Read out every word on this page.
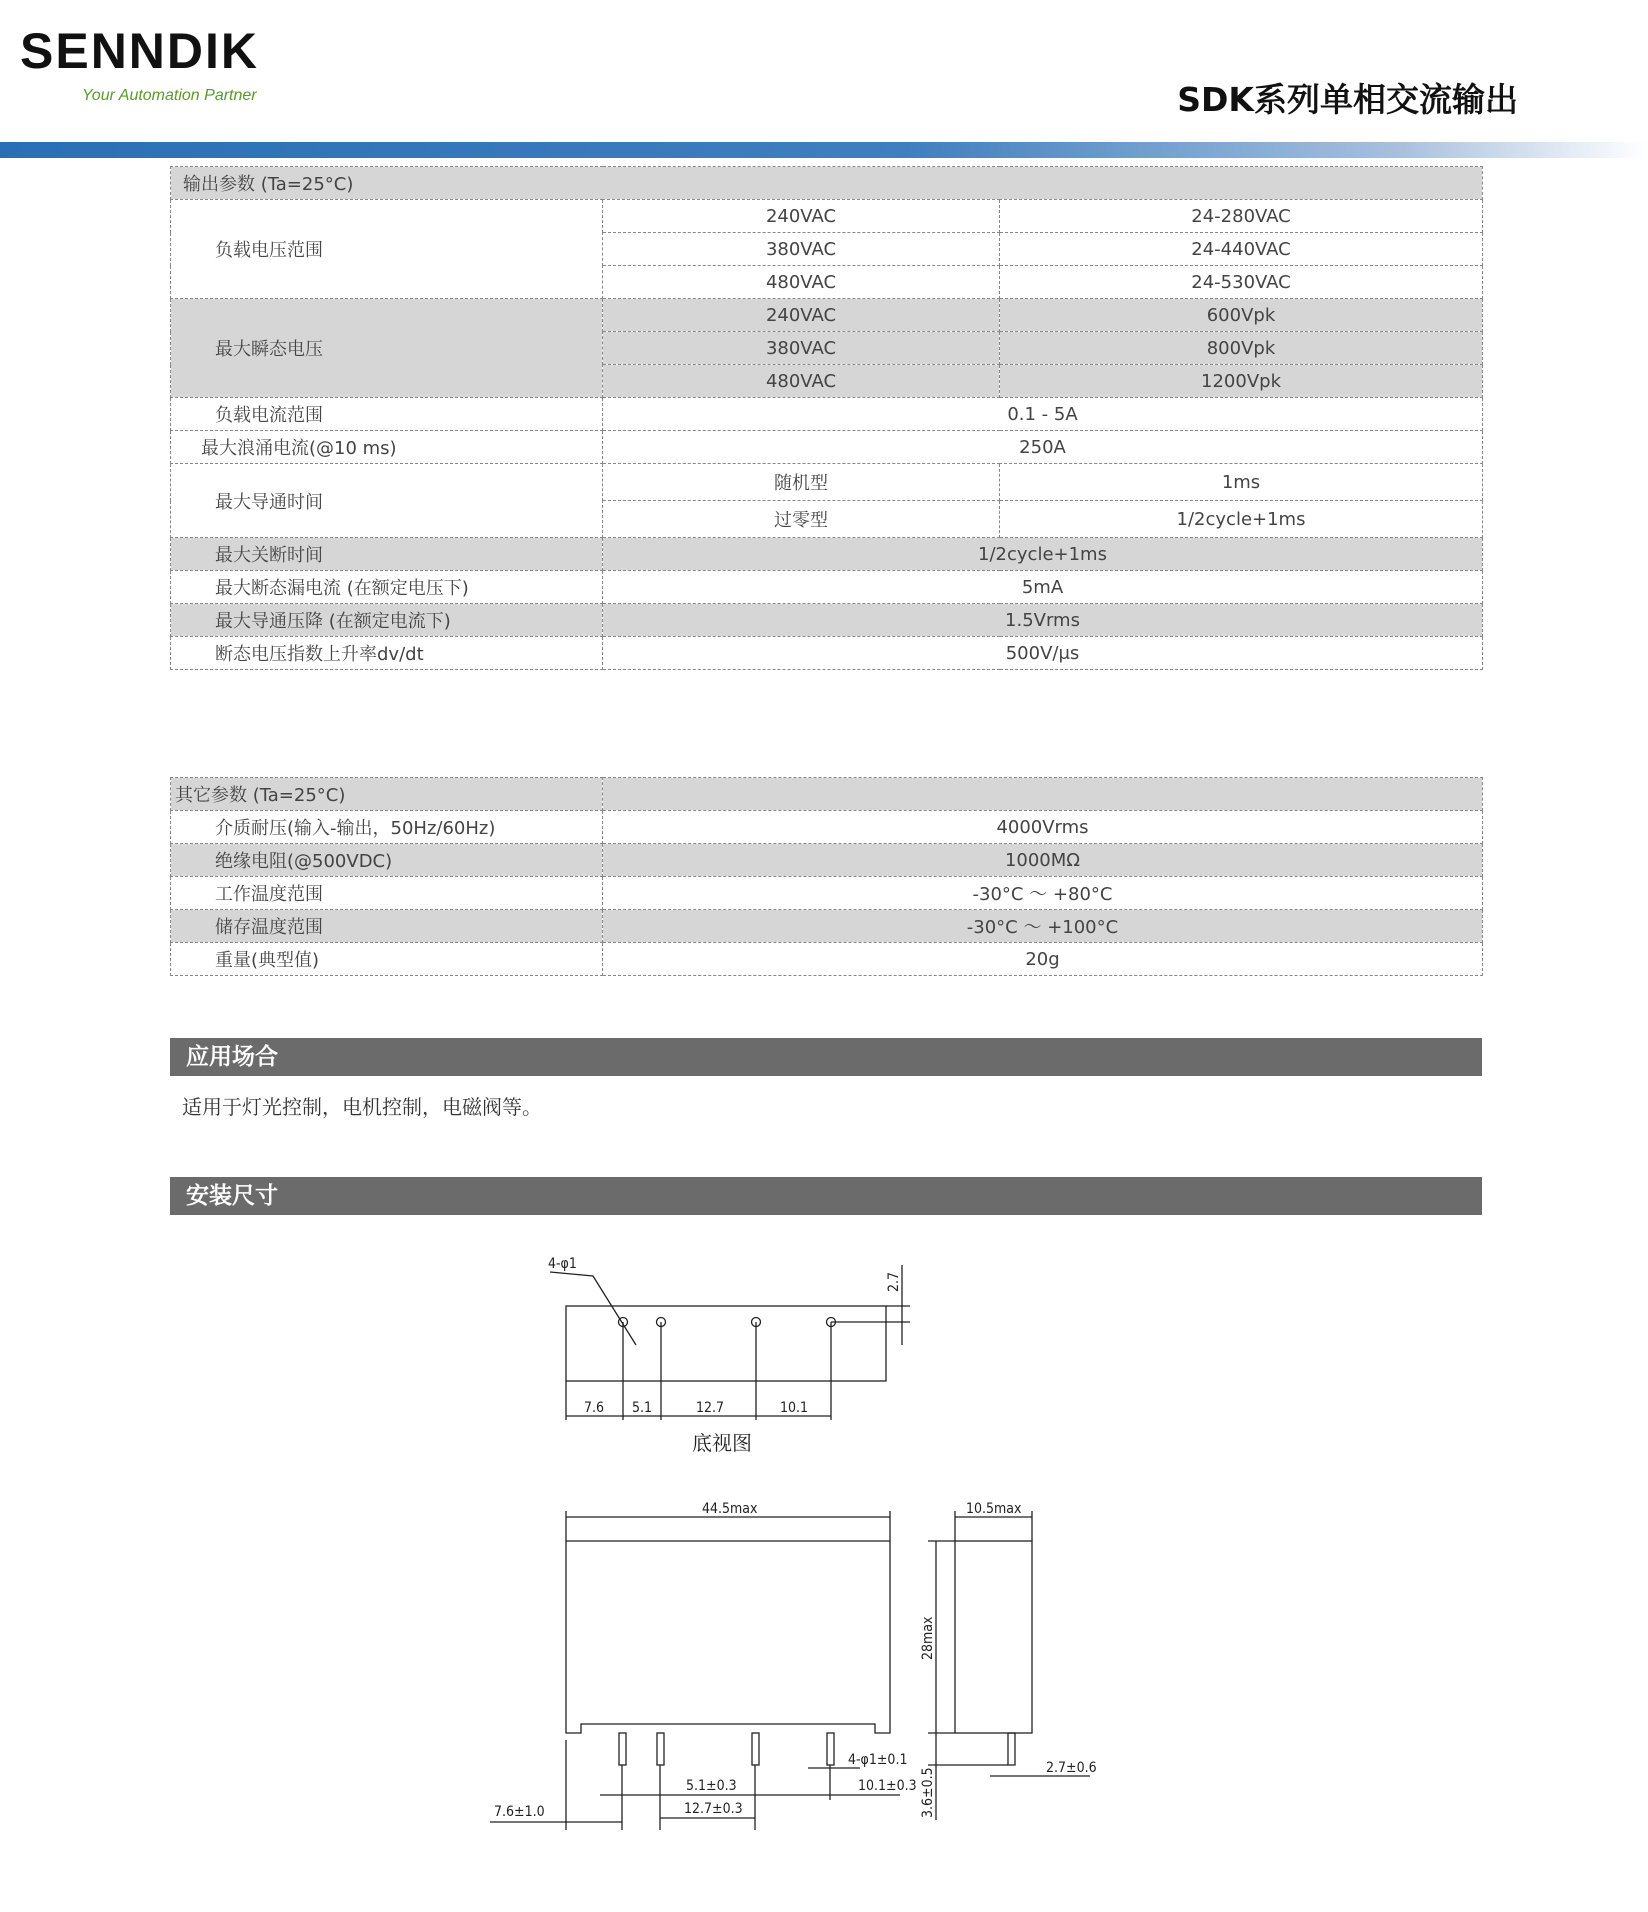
SENNDIK
Your Automation Partner	SDK系列单相交流输出
输出参数 (Ta=25°C)		
负载电压范围	240VAC	24-280VAC
	380VAC	24-440VAC
	480VAC	24-530VAC
最大瞬态电压	240VAC	600Vpk
	380VAC	800Vpk
	480VAC	1200Vpk
负载电流范围	0.1 - 5A	
最大浪涌电流(@10 ms)	250A	
最大导通时间	随机型	1ms
	过零型	1/2cycle+1ms
最大关断时间	1/2cycle+1ms	
最大断态漏电流 (在额定电压下)	5mA	
最大导通压降 (在额定电流下)	1.5Vrms	
断态电压指数上升率dv/dt	500V/μs	
其它参数 (Ta=25°C)	
介质耐压(输入-输出，50Hz/60Hz)	4000Vrms
绝缘电阻(@500VDC)	1000MΩ
工作温度范围	-30°C ～ +80°C
储存温度范围	-30°C ～ +100°C
重量(典型值)	20g
应用场合
适用于灯光控制，电机控制，电磁阀等。
安装尺寸
4-φ1
7.6 5.1	12.7	10.1
2.7
底视图
44.5max
7.6±1.0
5.1±0.3
12.7±0.3
10.1±0.3
4-φ1±0.1
10.5max
28max
3.6±0.5	2.7±0.6
